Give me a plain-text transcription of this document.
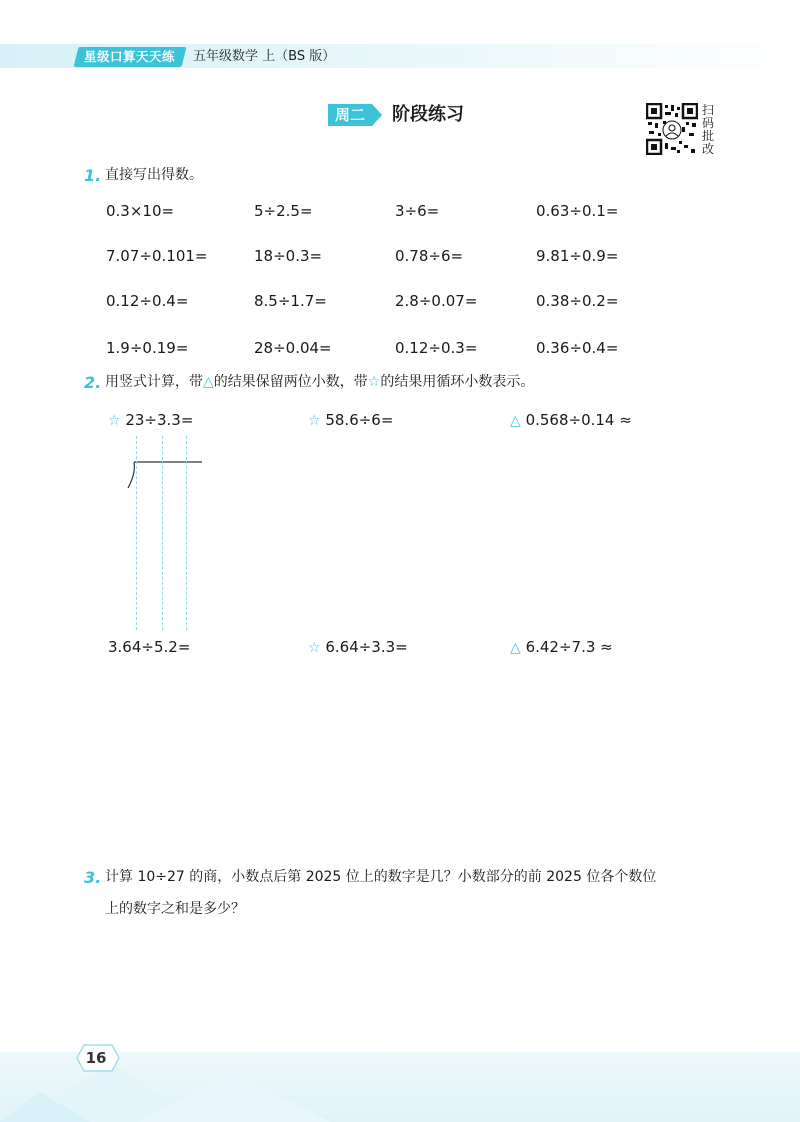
星级口算天天练 五年级数学 上（BS 版）
周二	阶段练习	扫码批改
1. 直接写出得数。
0.3×10=	5÷2.5=	3÷6=	0.63÷0.1=
7.07÷0.101=	18÷0.3=	0.78÷6=	9.81÷0.9=
0.12÷0.4=	8.5÷1.7=	2.8÷0.07=	0.38÷0.2=
1.9÷0.19=	28÷0.04=	0.12÷0.3=	0.36÷0.4=
2. 用竖式计算，带△的结果保留两位小数，带☆的结果用循环小数表示。
☆ 23÷3.3=	☆ 58.6÷6=	△ 0.568÷0.14 ≈
3.64÷5.2=	☆ 6.64÷3.3=	△ 6.42÷7.3 ≈
3. 计算 10÷27 的商，小数点后第 2025 位上的数字是几？小数部分的前 2025 位各个数位
上的数字之和是多少？
16
